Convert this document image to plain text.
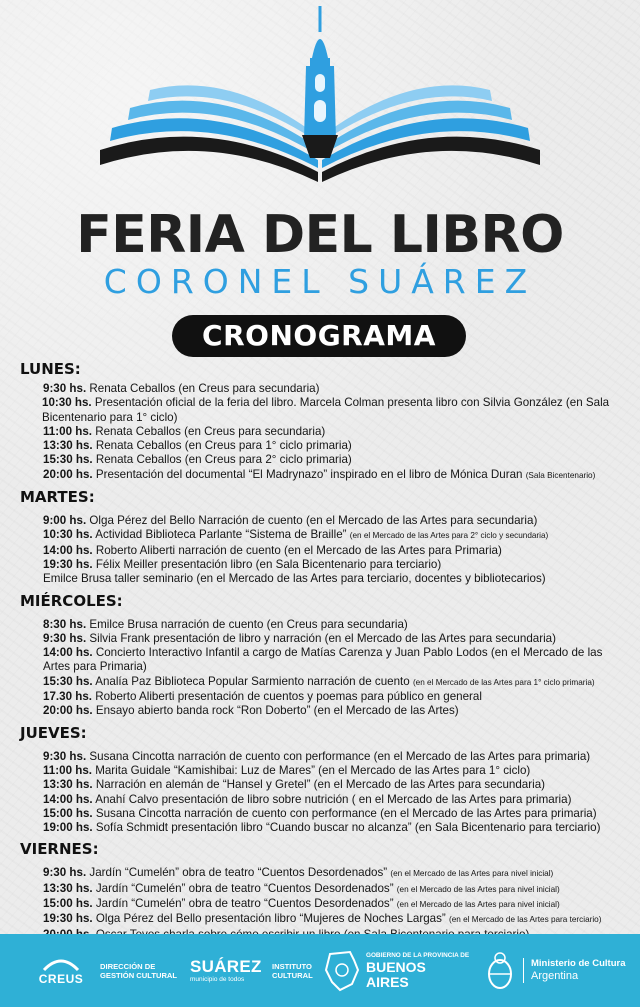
FERIA DEL LIBRO
CORONEL SUÁREZ
CRONOGRAMA
LUNES:
9:30 hs. Renata Ceballos (en Creus para secundaria)
10:30 hs. Presentación oficial de la feria del libro. Marcela Colman presenta libro con Silvia González (en Sala Bicentenario para 1° ciclo)
11:00 hs. Renata Ceballos (en Creus para secundaria)
13:30 hs. Renata Ceballos (en Creus para 1° ciclo primaria)
15:30 hs. Renata Ceballos (en Creus para 2° ciclo primaria)
20:00 hs. Presentación del documental “El Madrynazo” inspirado en el libro de Mónica Duran (Sala Bicentenario)
MARTES:
9:00 hs. Olga Pérez del Bello Narración de cuento (en el Mercado de las Artes para secundaria)
10:30 hs. Actividad Biblioteca Parlante “Sistema de Braille” (en el Mercado de las Artes para 2° ciclo y secundaria)
14:00 hs. Roberto Aliberti narración de cuento (en el Mercado de las Artes para Primaria)
19:30 hs. Félix Meiller presentación libro (en Sala Bicentenario para terciario)
Emilce Brusa taller seminario (en el Mercado de las Artes para terciario, docentes y bibliotecarios)
MIÉRCOLES:
8:30 hs. Emilce Brusa narración de cuento (en Creus para secundaria)
9:30 hs. Silvia Frank presentación de libro y narración (en el Mercado de las Artes para secundaria)
14:00 hs. Concierto Interactivo Infantil a cargo de Matías Carenza y Juan Pablo Lodos (en el Mercado de las Artes para Primaria)
15:30 hs. Analía Paz Biblioteca Popular Sarmiento narración de cuento (en el Mercado de las Artes para 1° ciclo primaria)
17.30 hs. Roberto Aliberti presentación de cuentos y poemas para público en general
20:00 hs. Ensayo abierto banda rock “Ron Doberto” (en el Mercado de las Artes)
JUEVES:
9:30 hs. Susana Cincotta narración de cuento con performance (en el Mercado de las Artes para primaria)
11:00 hs. Marita Guidale “Kamishibai: Luz de Mares” (en el Mercado de las Artes para 1° ciclo)
13:30 hs. Narración en alemán de “Hansel y Gretel” (en el Mercado de las Artes para secundaria)
14:00 hs. Anahí Calvo presentación de libro sobre nutrición ( en el Mercado de las Artes para primaria)
15:00 hs. Susana Cincotta narración de cuento con performance (en el Mercado de las Artes para primaria)
19:00 hs. Sofía Schmidt presentación libro “Cuando buscar no alcanza” (en Sala Bicentenario para terciario)
VIERNES:
9:30 hs. Jardín “Cumelén” obra de teatro “Cuentos Desordenados” (en el Mercado de las Artes para nivel inicial)
13:30 hs. Jardín “Cumelén” obra de teatro “Cuentos Desordenados” (en el Mercado de las Artes para nivel inicial)
15:00 hs. Jardín “Cumelén” obra de teatro “Cuentos Desordenados” (en el Mercado de las Artes para nivel inicial)
19:30 hs. Olga Pérez del Bello presentación libro “Mujeres de Noches Largas” (en el Mercado de las Artes para terciario)
CREUS
DIRECCIÓN DE
GESTIÓN CULTURAL SUÁREZ
municipio de todos
INSTITUTO
CULTURAL
GOBIERNO DE LA PROVINCIA DE
BUENOS AIRES
Ministerio de Cultura
Argentina
